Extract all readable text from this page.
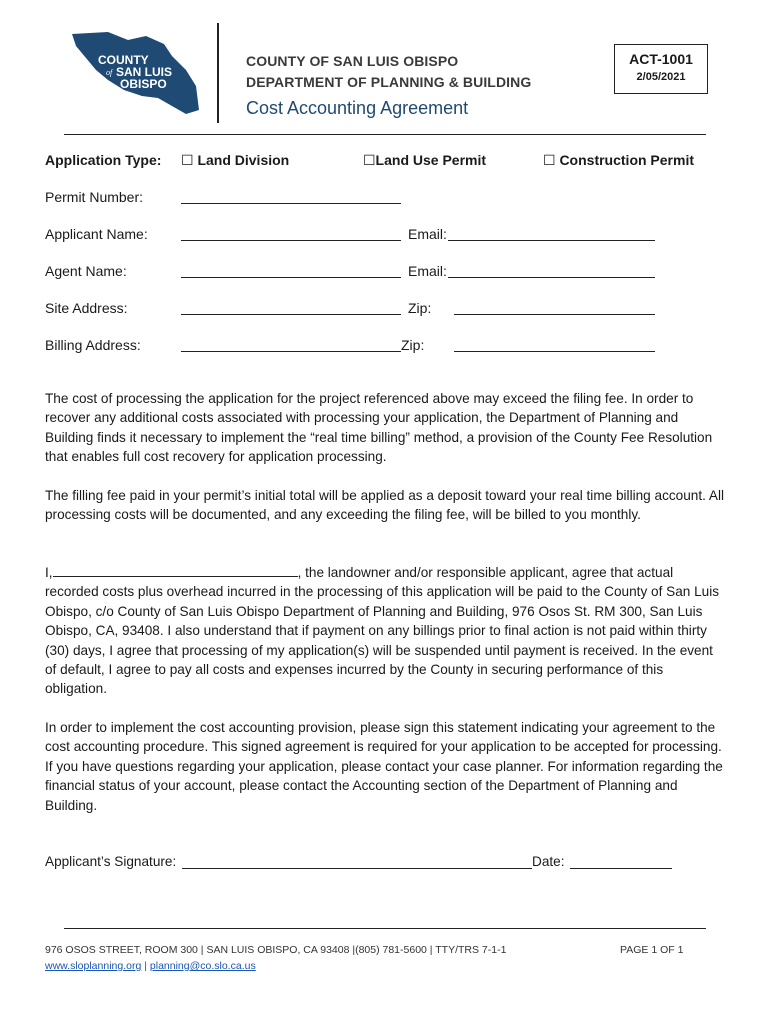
COUNTY
of SAN LUIS
OBISPO
COUNTY OF SAN LUIS OBISPO
DEPARTMENT OF PLANNING & BUILDING
Cost Accounting Agreement
ACT-1001
2/05/2021
Application Type: ☐ Land Division	☐Land Use Permit	☐ Construction Permit
Permit Number:
Applicant Name:	Email:
Agent Name:	Email:
Site Address:	Zip:
Billing Address:	Zip:
The cost of processing the application for the project referenced above may exceed the filing fee. In order to recover any additional costs associated with processing your application, the Department of Planning and Building finds it necessary to implement the “real time billing” method, a provision of the County Fee Resolution that enables full cost recovery for application processing.
The filling fee paid in your permit’s initial total will be applied as a deposit toward your real time billing account. All processing costs will be documented, and any exceeding the filing fee, will be billed to you monthly.
I,	, the landowner and/or responsible applicant, agree that actual recorded costs plus overhead incurred in the processing of this application will be paid to the County of San Luis Obispo, c/o County of San Luis Obispo Department of Planning and Building, 976 Osos St. RM 300, San Luis Obispo, CA, 93408. I also understand that if payment on any billings prior to final action is not paid within thirty (30) days, I agree that processing of my application(s) will be suspended until payment is received. In the event of default, I agree to pay all costs and expenses incurred by the County in securing performance of this obligation.
In order to implement the cost accounting provision, please sign this statement indicating your agreement to the cost accounting procedure. This signed agreement is required for your application to be accepted for processing. If you have questions regarding your application, please contact your case planner. For information regarding the financial status of your account, please contact the Accounting section of the Department of Planning and Building.
Applicant’s Signature:	Date:
976 OSOS STREET, ROOM 300 | SAN LUIS OBISPO, CA 93408 |(805) 781-5600 | TTY/TRS 7-1-1	PAGE 1 OF 1
www.sloplanning.org | planning@co.slo.ca.us
